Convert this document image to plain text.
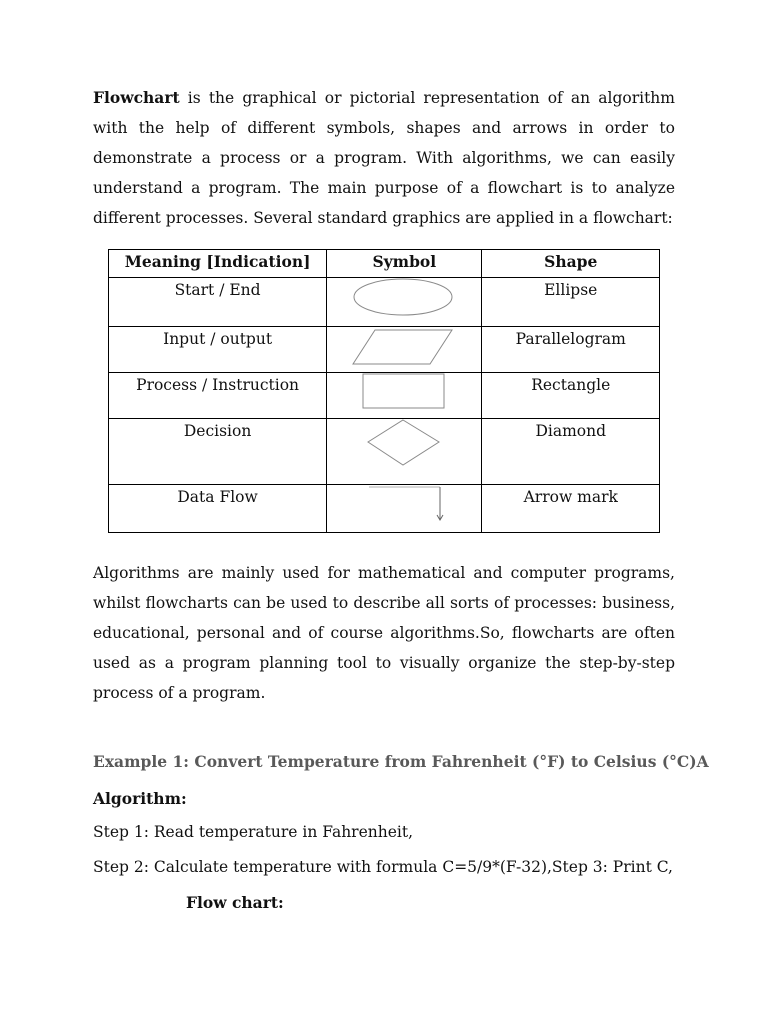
Flowchart is the graphical or pictorial representation of an algorithm with the help of different symbols, shapes and arrows in order to demonstrate a process or a program. With algorithms, we can easily understand a program. The main purpose of a flowchart is to analyze different processes. Several standard graphics are applied in a flowchart:

Meaning [Indication]	Symbol	Shape
Start / End		Ellipse
Input / output		Parallelogram
Process / Instruction		Rectangle
Decision		Diamond
Data Flow		Arrow mark

Algorithms are mainly used for mathematical and computer programs, whilst flowcharts can be used to describe all sorts of processes: business, educational, personal and of course algorithms.So, flowcharts are often used as a program planning tool to visually organize the step-by-step process of a program.

Example 1: Convert Temperature from Fahrenheit (°F) to Celsius (°C)A

Algorithm:

Step 1: Read temperature in Fahrenheit,

Step 2: Calculate temperature with formula C=5/9*(F-32),Step 3: Print C,

Flow chart:
